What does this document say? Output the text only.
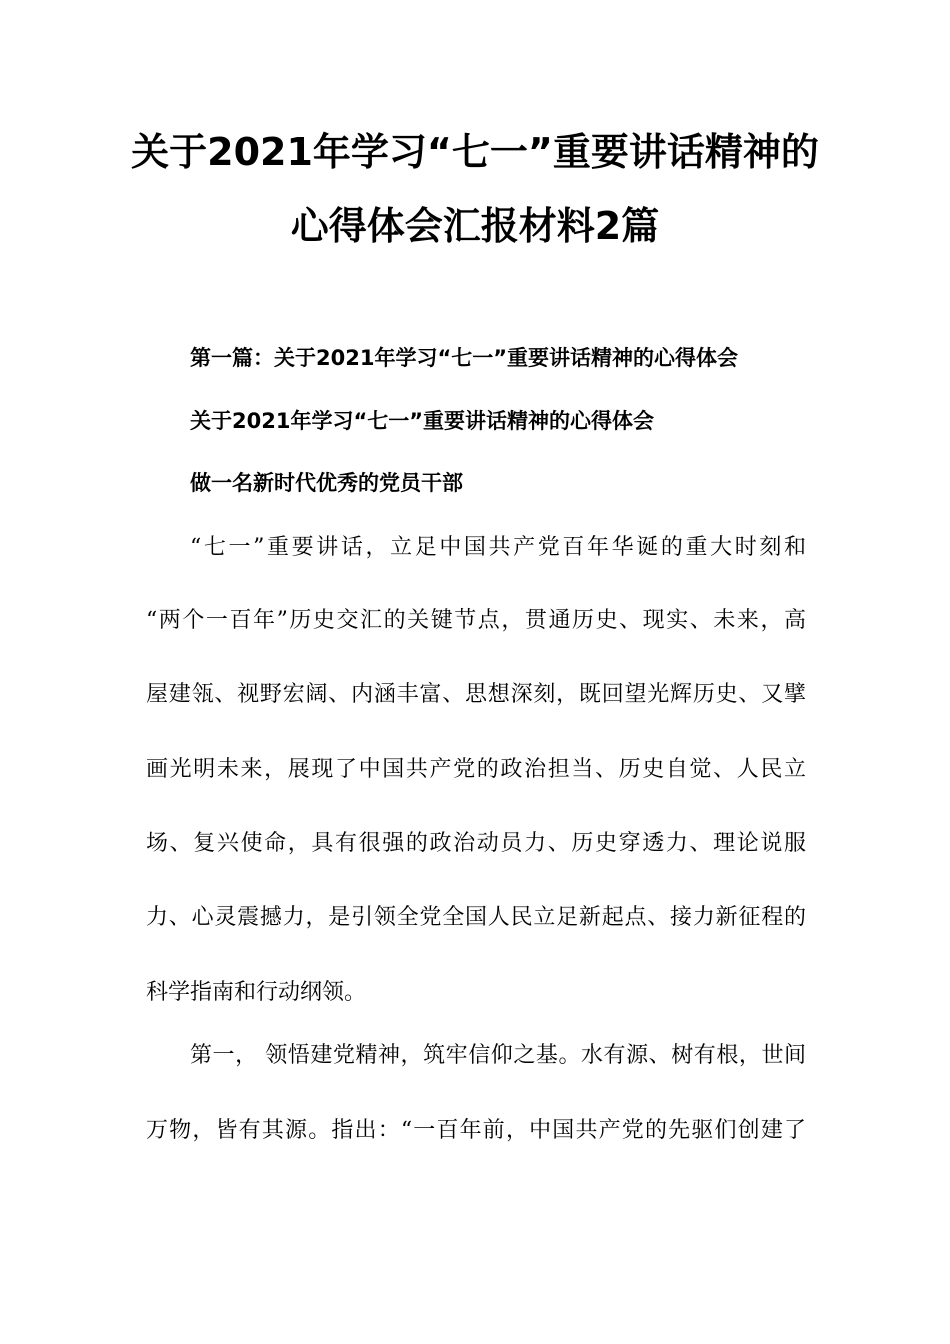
关于2021年学习“七一”重要讲话精神的
心得体会汇报材料2篇
第一篇：关于2021年学习“七一”重要讲话精神的心得体会
关于2021年学习“七一”重要讲话精神的心得体会
做一名新时代优秀的党员干部
“七一”重要讲话，立足中国共产党百年华诞的重大时刻和
“两个一百年”历史交汇的关键节点，贯通历史、现实、未来，高
屋建瓴、视野宏阔、内涵丰富、思想深刻，既回望光辉历史、又擘
画光明未来，展现了中国共产党的政治担当、历史自觉、人民立
场、复兴使命，具有很强的政治动员力、历史穿透力、理论说服
力、心灵震撼力，是引领全党全国人民立足新起点、接力新征程的
科学指南和行动纲领。
第一， 领悟建党精神，筑牢信仰之基。水有源、树有根，世间
万物，皆有其源。指出：“一百年前，中国共产党的先驱们创建了
